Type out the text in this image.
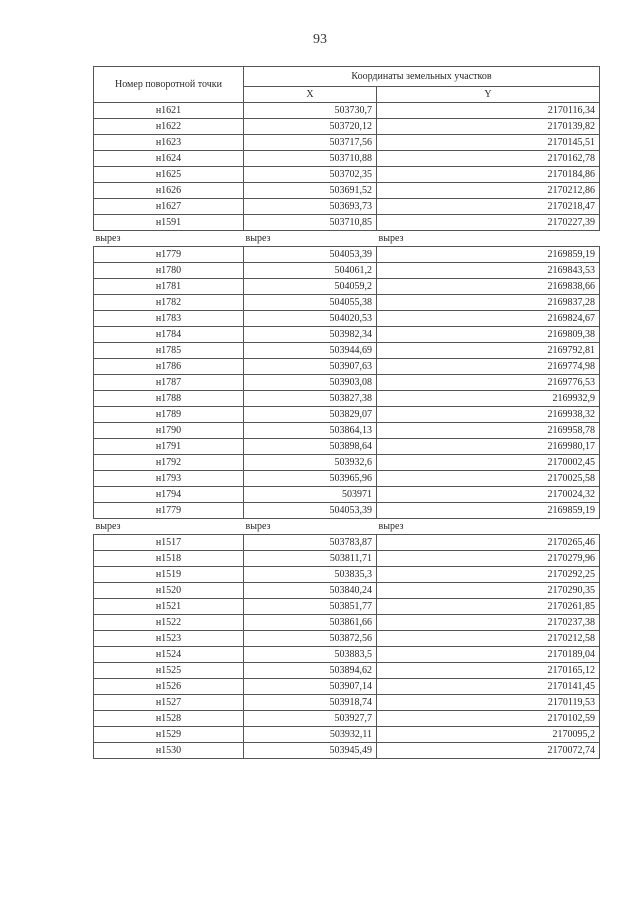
93
Номер поворотной точки	Координаты земельных участков	
	X	Y
н1621	503730,7	2170116,34
н1622	503720,12	2170139,82
н1623	503717,56	2170145,51
н1624	503710,88	2170162,78
н1625	503702,35	2170184,86
н1626	503691,52	2170212,86
н1627	503693,73	2170218,47
н1591	503710,85	2170227,39
вырез	вырез	вырез
н1779	504053,39	2169859,19
н1780	504061,2	2169843,53
н1781	504059,2	2169838,66
н1782	504055,38	2169837,28
н1783	504020,53	2169824,67
н1784	503982,34	2169809,38
н1785	503944,69	2169792,81
н1786	503907,63	2169774,98
н1787	503903,08	2169776,53
н1788	503827,38	2169932,9
н1789	503829,07	2169938,32
н1790	503864,13	2169958,78
н1791	503898,64	2169980,17
н1792	503932,6	2170002,45
н1793	503965,96	2170025,58
н1794	503971	2170024,32
н1779	504053,39	2169859,19
вырез	вырез	вырез
н1517	503783,87	2170265,46
н1518	503811,71	2170279,96
н1519	503835,3	2170292,25
н1520	503840,24	2170290,35
н1521	503851,77	2170261,85
н1522	503861,66	2170237,38
н1523	503872,56	2170212,58
н1524	503883,5	2170189,04
н1525	503894,62	2170165,12
н1526	503907,14	2170141,45
н1527	503918,74	2170119,53
н1528	503927,7	2170102,59
н1529	503932,11	2170095,2
н1530	503945,49	2170072,74
